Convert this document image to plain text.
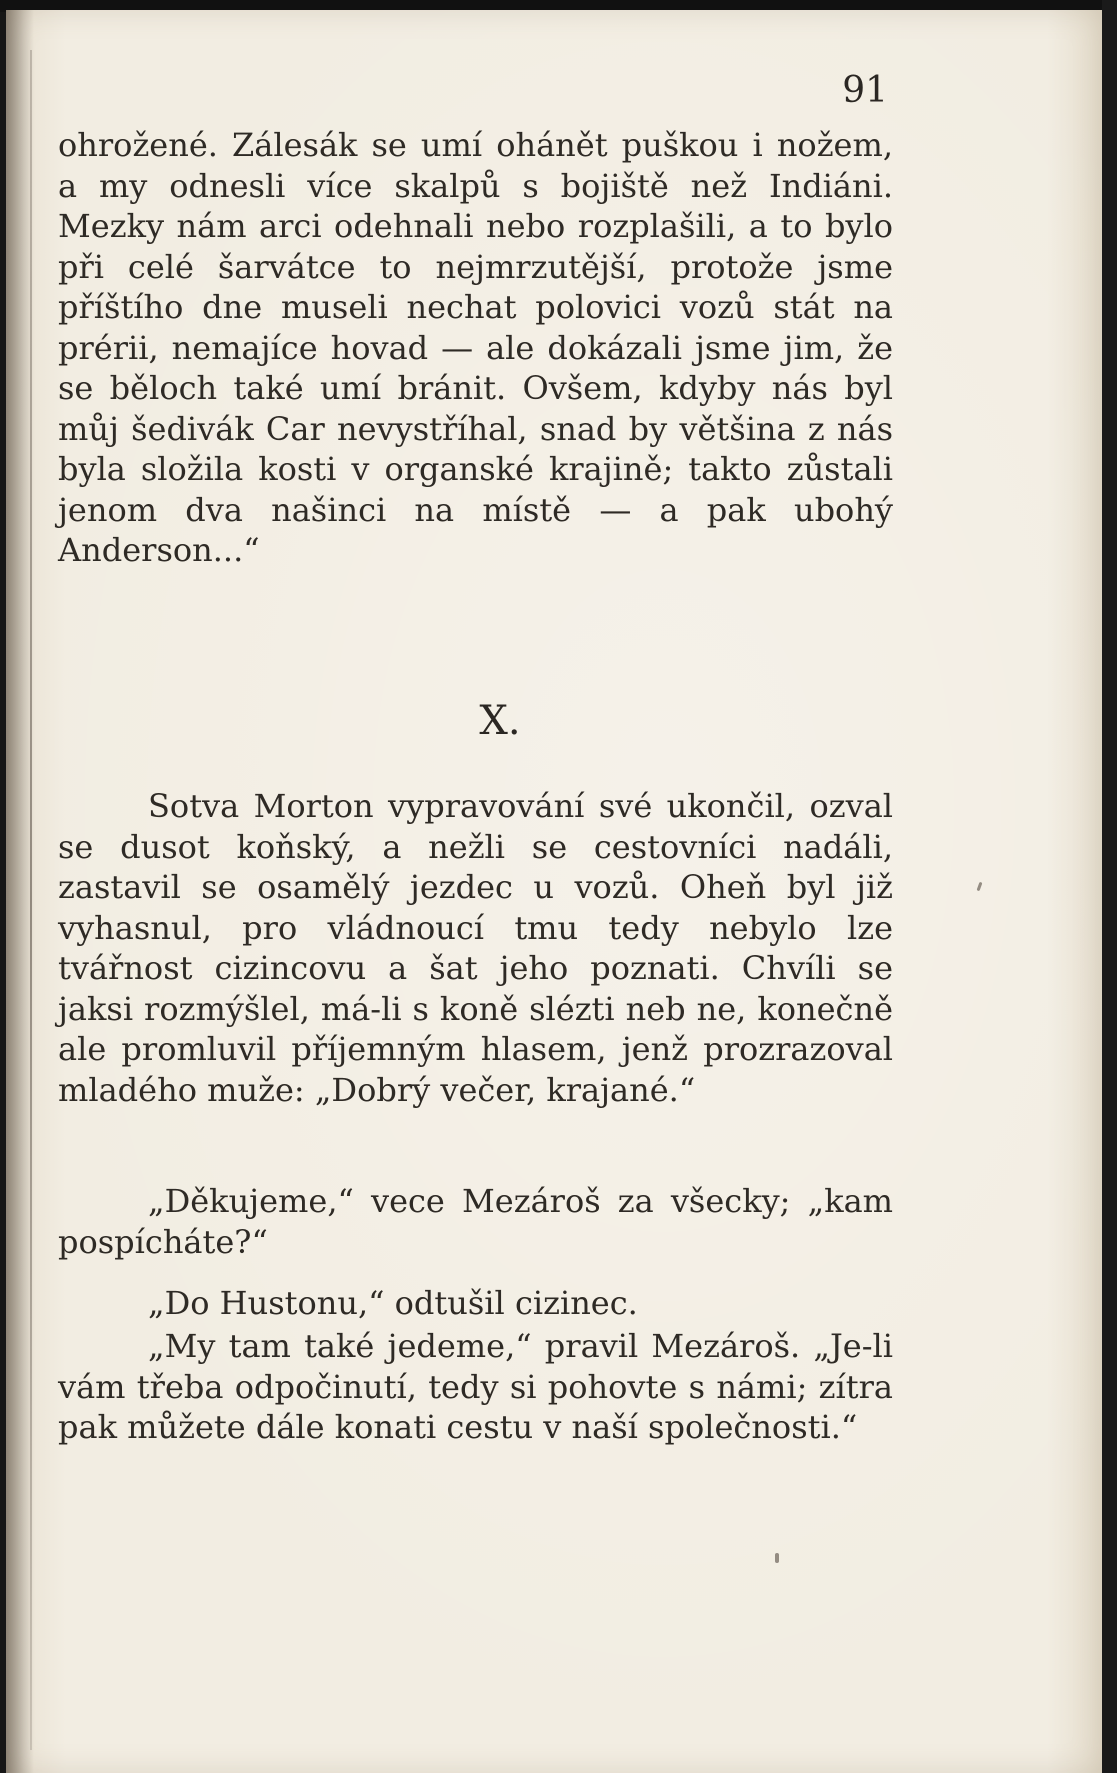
91

ohrožené. Zálesák se umí ohánět puškou i nožem, a my odnesli více skalpů s bojiště než Indiáni. Mezky nám arci odehnali nebo rozplašili, a to bylo při celé šarvátce to nejmrzutější, protože jsme příštího dne museli nechat polovici vozů stát na prérii, nemajíce hovad — ale dokázali jsme jim, že se běloch také umí bránit. Ovšem, kdyby nás byl můj šedivák Car nevystříhal, snad by většina z nás byla složila kosti v organské krajině; takto zůstali jenom dva našinci na místě — a pak ubohý Anderson...“

X.

Sotva Morton vypravování své ukončil, ozval se dusot koňský, a nežli se cestovníci nadáli, zastavil se osamělý jezdec u vozů. Oheň byl již vyhasnul, pro vládnoucí tmu tedy nebylo lze tvářnost cizincovu a šat jeho poznati. Chvíli se jaksi rozmýšlel, má-li s koně slézti neb ne, konečně ale promluvil příjemným hlasem, jenž prozrazoval mladého muže: „Dobrý večer, krajané.“

„Děkujeme,“ vece Mezároš za všecky; „kam pospícháte?“

„Do Hustonu,“ odtušil cizinec.

„My tam také jedeme,“ pravil Mezároš. „Je-li vám třeba odpočinutí, tedy si pohovte s námi; zítra pak můžete dále konati cestu v naší společnosti.“
